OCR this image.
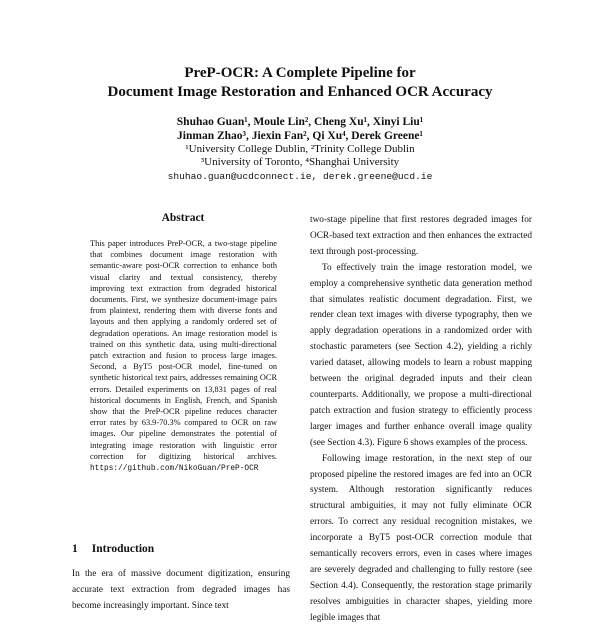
PreP-OCR: A Complete Pipeline for
Document Image Restoration and Enhanced OCR Accuracy
Shuhao Guan¹, Moule Lin², Cheng Xu¹, Xinyi Liu¹
Jinman Zhao³, Jiexin Fan², Qi Xu⁴, Derek Greene¹
¹University College Dublin, ²Trinity College Dublin
³University of Toronto, ⁴Shanghai University
shuhao.guan@ucdconnect.ie, derek.greene@ucd.ie
Abstract
This paper introduces PreP-OCR, a two-stage pipeline that combines document image restoration with semantic-aware post-OCR correction to enhance both visual clarity and textual consistency, thereby improving text extraction from degraded historical documents. First, we synthesize document-image pairs from plaintext, rendering them with diverse fonts and layouts and then applying a randomly ordered set of degradation operations. An image restoration model is trained on this synthetic data, using multi-directional patch extraction and fusion to process large images. Second, a ByT5 post-OCR model, fine-tuned on synthetic historical text pairs, addresses remaining OCR errors. Detailed experiments on 13,831 pages of real historical documents in English, French, and Spanish show that the PreP-OCR pipeline reduces character error rates by 63.9-70.3% compared to OCR on raw images. Our pipeline demonstrates the potential of integrating image restoration with linguistic error correction for digitizing historical archives. https://github.com/NikoGuan/PreP-OCR
1 Introduction
In the era of massive document digitization, ensuring accurate text extraction from degraded images has become increasingly important. Since text

two-stage pipeline that first restores degraded images for OCR-based text extraction and then enhances the extracted text through post-processing.

To effectively train the image restoration model, we employ a comprehensive synthetic data generation method that simulates realistic document degradation. First, we render clean text images with diverse typography, then we apply degradation operations in a randomized order with stochastic parameters (see Section 4.2), yielding a richly varied dataset, allowing models to learn a robust mapping between the original degraded inputs and their clean counterparts. Additionally, we propose a multi-directional patch extraction and fusion strategy to efficiently process larger images and further enhance overall image quality (see Section 4.3). Figure 6 shows examples of the process.

Following image restoration, in the next step of our proposed pipeline the restored images are fed into an OCR system. Although restoration significantly reduces structural ambiguities, it may not fully eliminate OCR errors. To correct any residual recognition mistakes, we incorporate a ByT5 post-OCR correction module that semantically recovers errors, even in cases where images are severely degraded and challenging to fully restore (see Section 4.4). Consequently, the restoration stage primarily resolves ambiguities in character shapes, yielding more legible images that
